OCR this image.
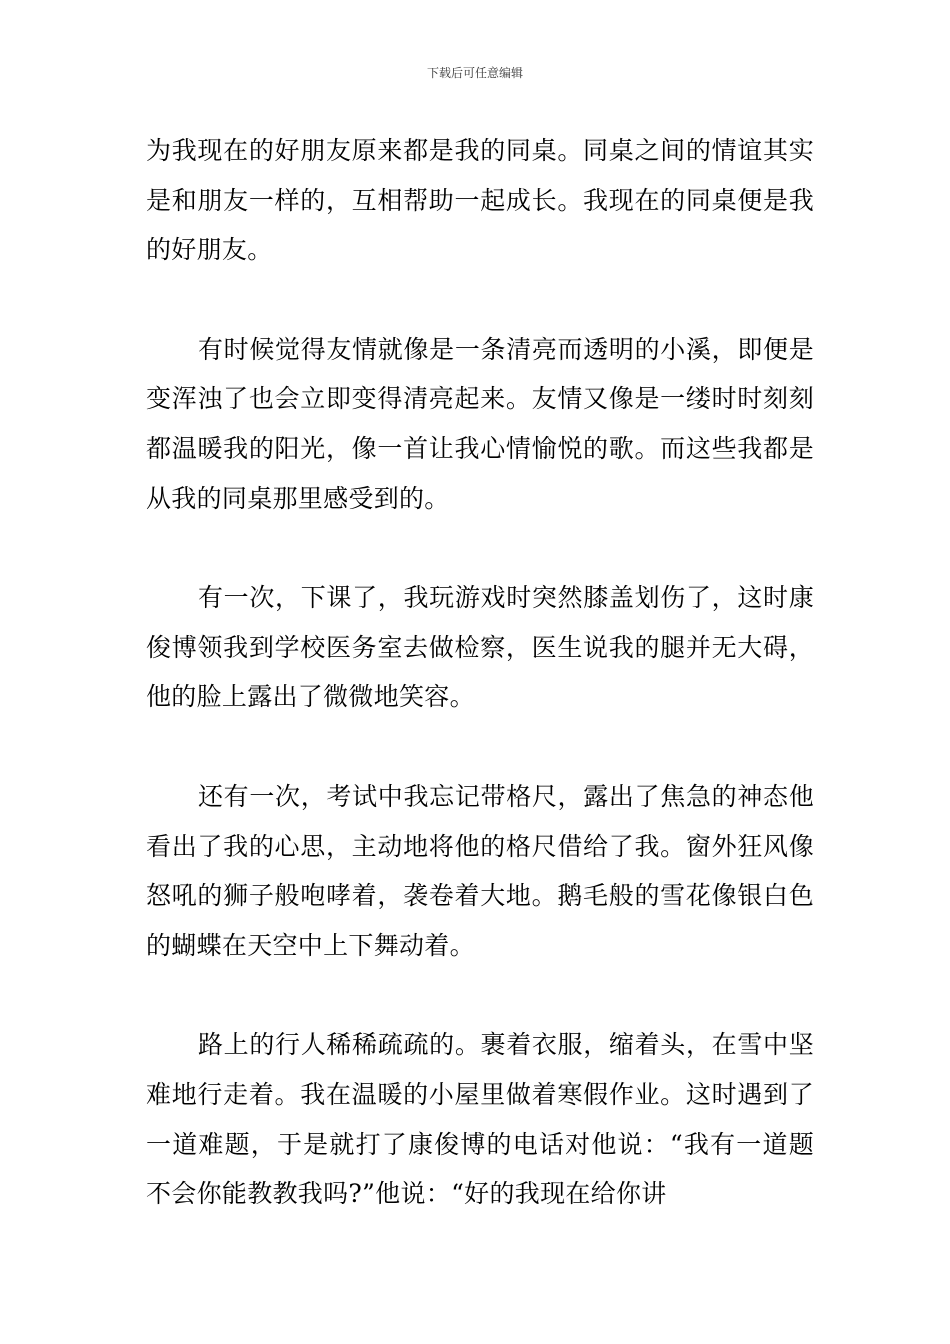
下载后可任意编辑

为我现在的好朋友原来都是我的同桌。同桌之间的情谊其实是和朋友一样的，互相帮助一起成长。我现在的同桌便是我的好朋友。

有时候觉得友情就像是一条清亮而透明的小溪，即便是变浑浊了也会立即变得清亮起来。友情又像是一缕时时刻刻都温暖我的阳光，像一首让我心情愉悦的歌。而这些我都是从我的同桌那里感受到的。

有一次，下课了，我玩游戏时突然膝盖划伤了，这时康俊博领我到学校医务室去做检察，医生说我的腿并无大碍，他的脸上露出了微微地笑容。

还有一次，考试中我忘记带格尺，露出了焦急的神态他看出了我的心思，主动地将他的格尺借给了我。窗外狂风像怒吼的狮子般咆哮着，袭卷着大地。鹅毛般的雪花像银白色的蝴蝶在天空中上下舞动着。

路上的行人稀稀疏疏的。裹着衣服，缩着头，在雪中坚难地行走着。我在温暖的小屋里做着寒假作业。这时遇到了一道难题，于是就打了康俊博的电话对他说：“我有一道题不会你能教教我吗?”他说：“好的我现在给你讲
